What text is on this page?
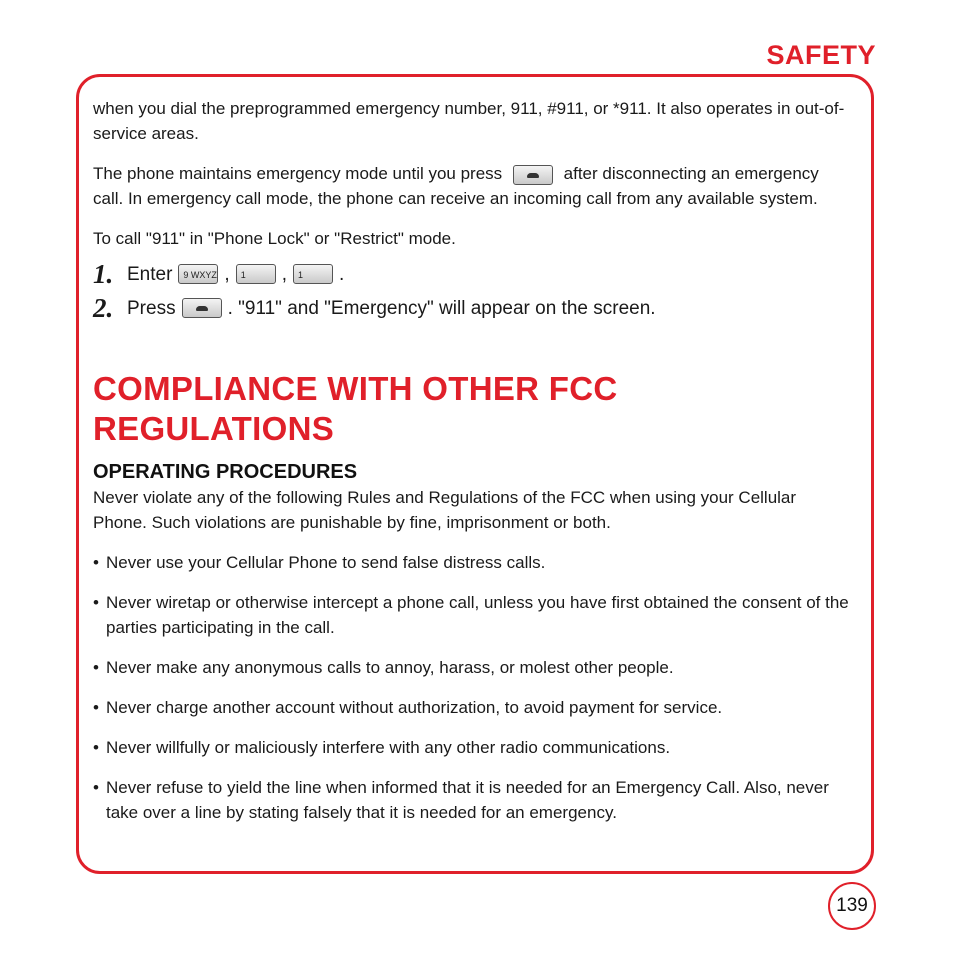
SAFETY

when you dial the preprogrammed emergency number, 911, #911, or *911. It also operates in out-of-service areas.

The phone maintains emergency mode until you press	after disconnecting an emergency call. In emergency call mode, the phone can receive an incoming call from any available system.

To call "911" in "Phone Lock" or "Restrict" mode.

1. Enter	9 WXYZ ,	1	,	1	.
2. Press	. "911" and "Emergency" will appear on the screen.
COMPLIANCE WITH OTHER FCC REGULATIONS
OPERATING PROCEDURES

Never violate any of the following Rules and Regulations of the FCC when using your Cellular Phone. Such violations are punishable by fine, imprisonment or both.

• Never use your Cellular Phone to send false distress calls.
• Never wiretap or otherwise intercept a phone call, unless you have first obtained the consent of the parties participating in the call.
• Never make any anonymous calls to annoy, harass, or molest other people.
• Never charge another account without authorization, to avoid payment for service.
• Never willfully or maliciously interfere with any other radio communications.
• Never refuse to yield the line when informed that it is needed for an Emergency Call. Also, never take over a line by stating falsely that it is needed for an emergency.
139
